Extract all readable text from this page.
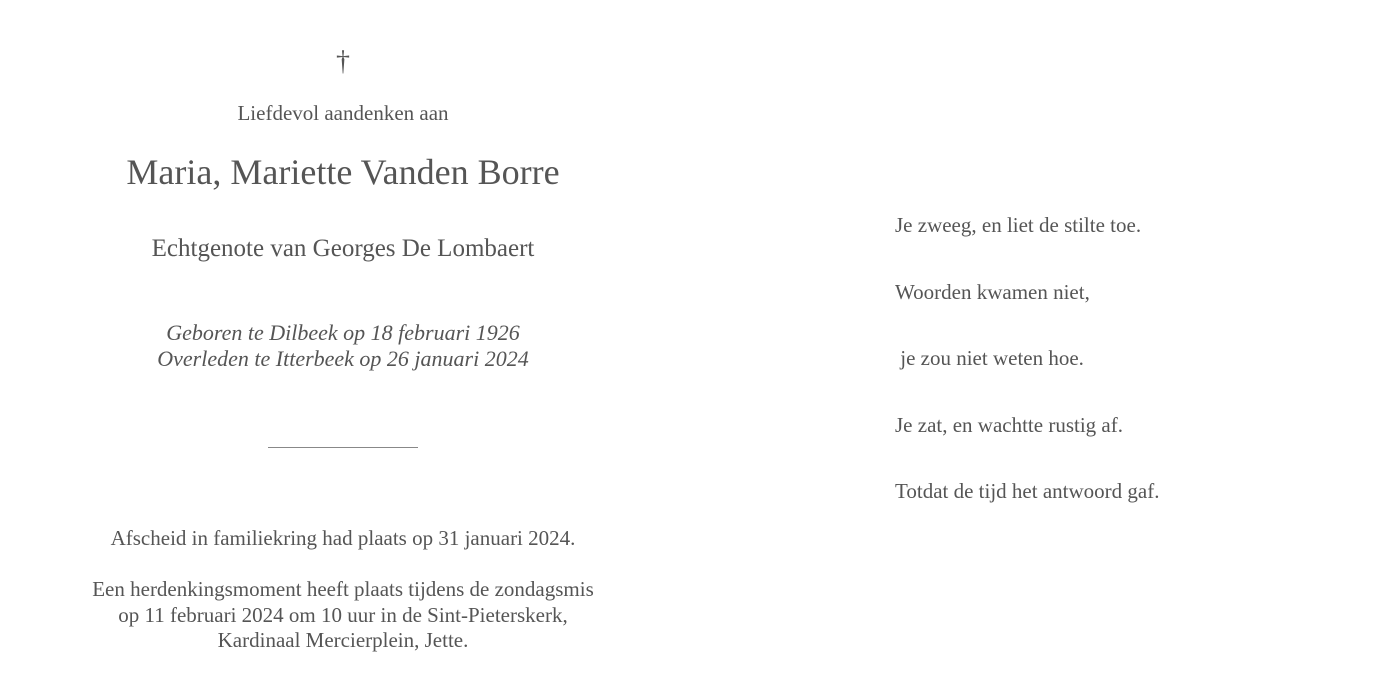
†
Liefdevol aandenken aan
Maria, Mariette Vanden Borre
Echtgenote van Georges De Lombaert
Geboren te Dilbeek op 18 februari 1926
Overleden te Itterbeek op 26 januari 2024
Afscheid in familiekring had plaats op 31 januari 2024.
Een herdenkingsmoment heeft plaats tijdens de zondagsmis
op 11 februari 2024 om 10 uur in de Sint-Pieterskerk,
Kardinaal Mercierplein, Jette.
Je zweeg, en liet de stilte toe.
Woorden kwamen niet,
je zou niet weten hoe.
Je zat, en wachtte rustig af.
Totdat de tijd het antwoord gaf.
